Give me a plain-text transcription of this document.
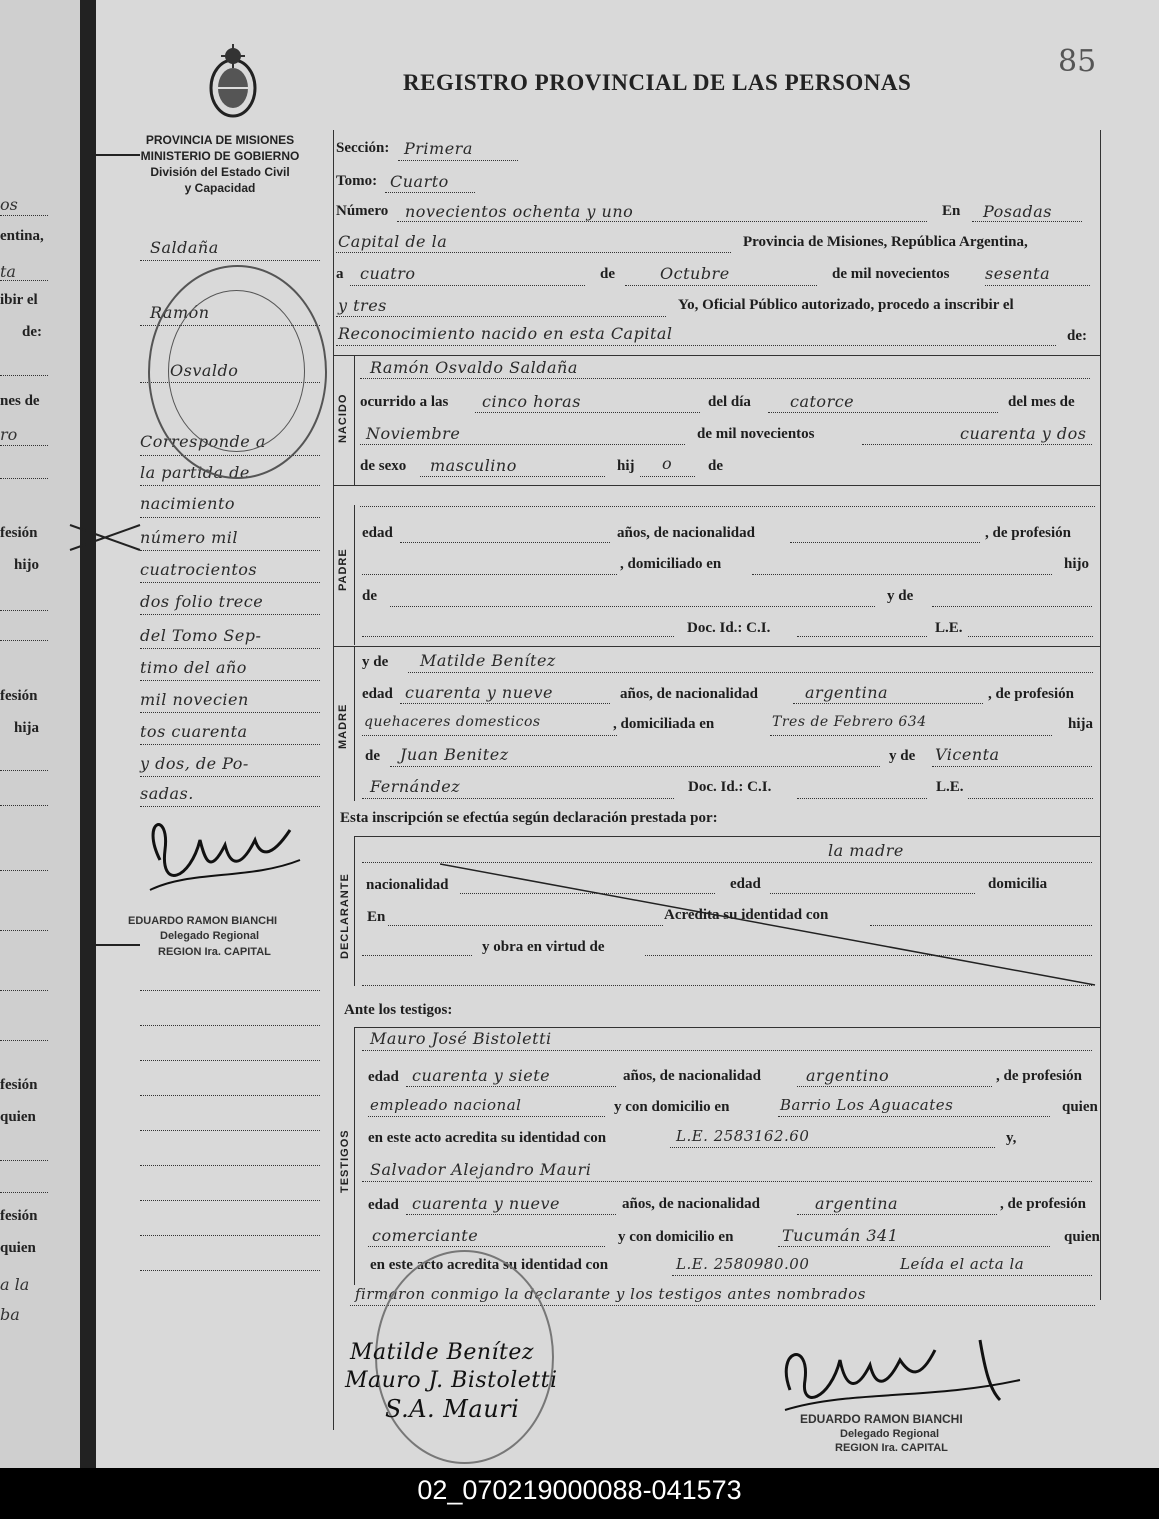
os
entina,
ta
ibir el
de:
nes de
ro
fesión
hijo
fesión
hija
fesión
quien
fesión
quien
a la
ba
REGISTRO PROVINCIAL DE LAS PERSONAS
85
PROVINCIA DE MISIONES
MINISTERIO DE GOBIERNO
División del Estado Civil
y Capacidad
Saldaña
Ramón
Osvaldo
Corresponde a
la partida de
nacimiento
número mil
cuatrocientos
dos folio trece
del Tomo Sep-
timo del año
mil novecien
tos cuarenta
y dos, de Po-
sadas.
EDUARDO RAMON BIANCHI
Delegado Regional
REGION Ira. CAPITAL
Sección: Primera
Tomo: Cuarto
Número novecientos ochenta y uno	En Posadas
Capital de la	Provincia de Misiones, República Argentina,
a cuatro	de	Octubre	de mil novecientos sesenta
y tres	Yo, Oficial Público autorizado, procedo a inscribir el
Reconocimiento nacido en esta Capital	de:
NACIDO
Ramón Osvaldo Saldaña
ocurrido a las cinco horas	del día catorce	del mes de
Noviembre	de mil novecientos	cuarenta y dos
de sexo masculino	hij o de
PADRE
edad	años, de nacionalidad	, de profesión
, domiciliado en	hijo
de	y de
Doc. Id.: C.I.	L.E.
MADRE
y de Matilde Benítez
edad cuarenta y nueve	años, de nacionalidad	argentina	, de profesión
quehaceres domesticos	, domiciliada en	Tres de Febrero 634	hija
de Juan Benitez	y de Vicenta
Fernández	Doc. Id.: C.I.	L.E.
Esta inscripción se efectúa según declaración prestada por:
DECLARANTE
la madre
nacionalidad	edad	domicilia
En	Acredita su identidad con
y obra en virtud de
Ante los testigos:
TESTIGOS
Mauro José Bistoletti
edad cuarenta y siete	años, de nacionalidad	argentino	, de profesión
empleado nacional	y con domicilio en	Barrio Los Aguacates	quien
en este acto acredita su identidad con	L.E. 2583162.60	y,
Salvador Alejandro Mauri
edad cuarenta y nueve	años, de nacionalidad	argentina	, de profesión
comerciante	y con domicilio en	Tucumán 341	quien
en este acto acredita su identidad con	L.E. 2580980.00	Leída el acta la
firmaron conmigo la declarante y los testigos antes nombrados
Matilde Benítez
Mauro J. Bistoletti
S.A. Mauri	EDUARDO RAMON BIANCHI
Delegado Regional
REGION Ira. CAPITAL
02_070219000088-041573
